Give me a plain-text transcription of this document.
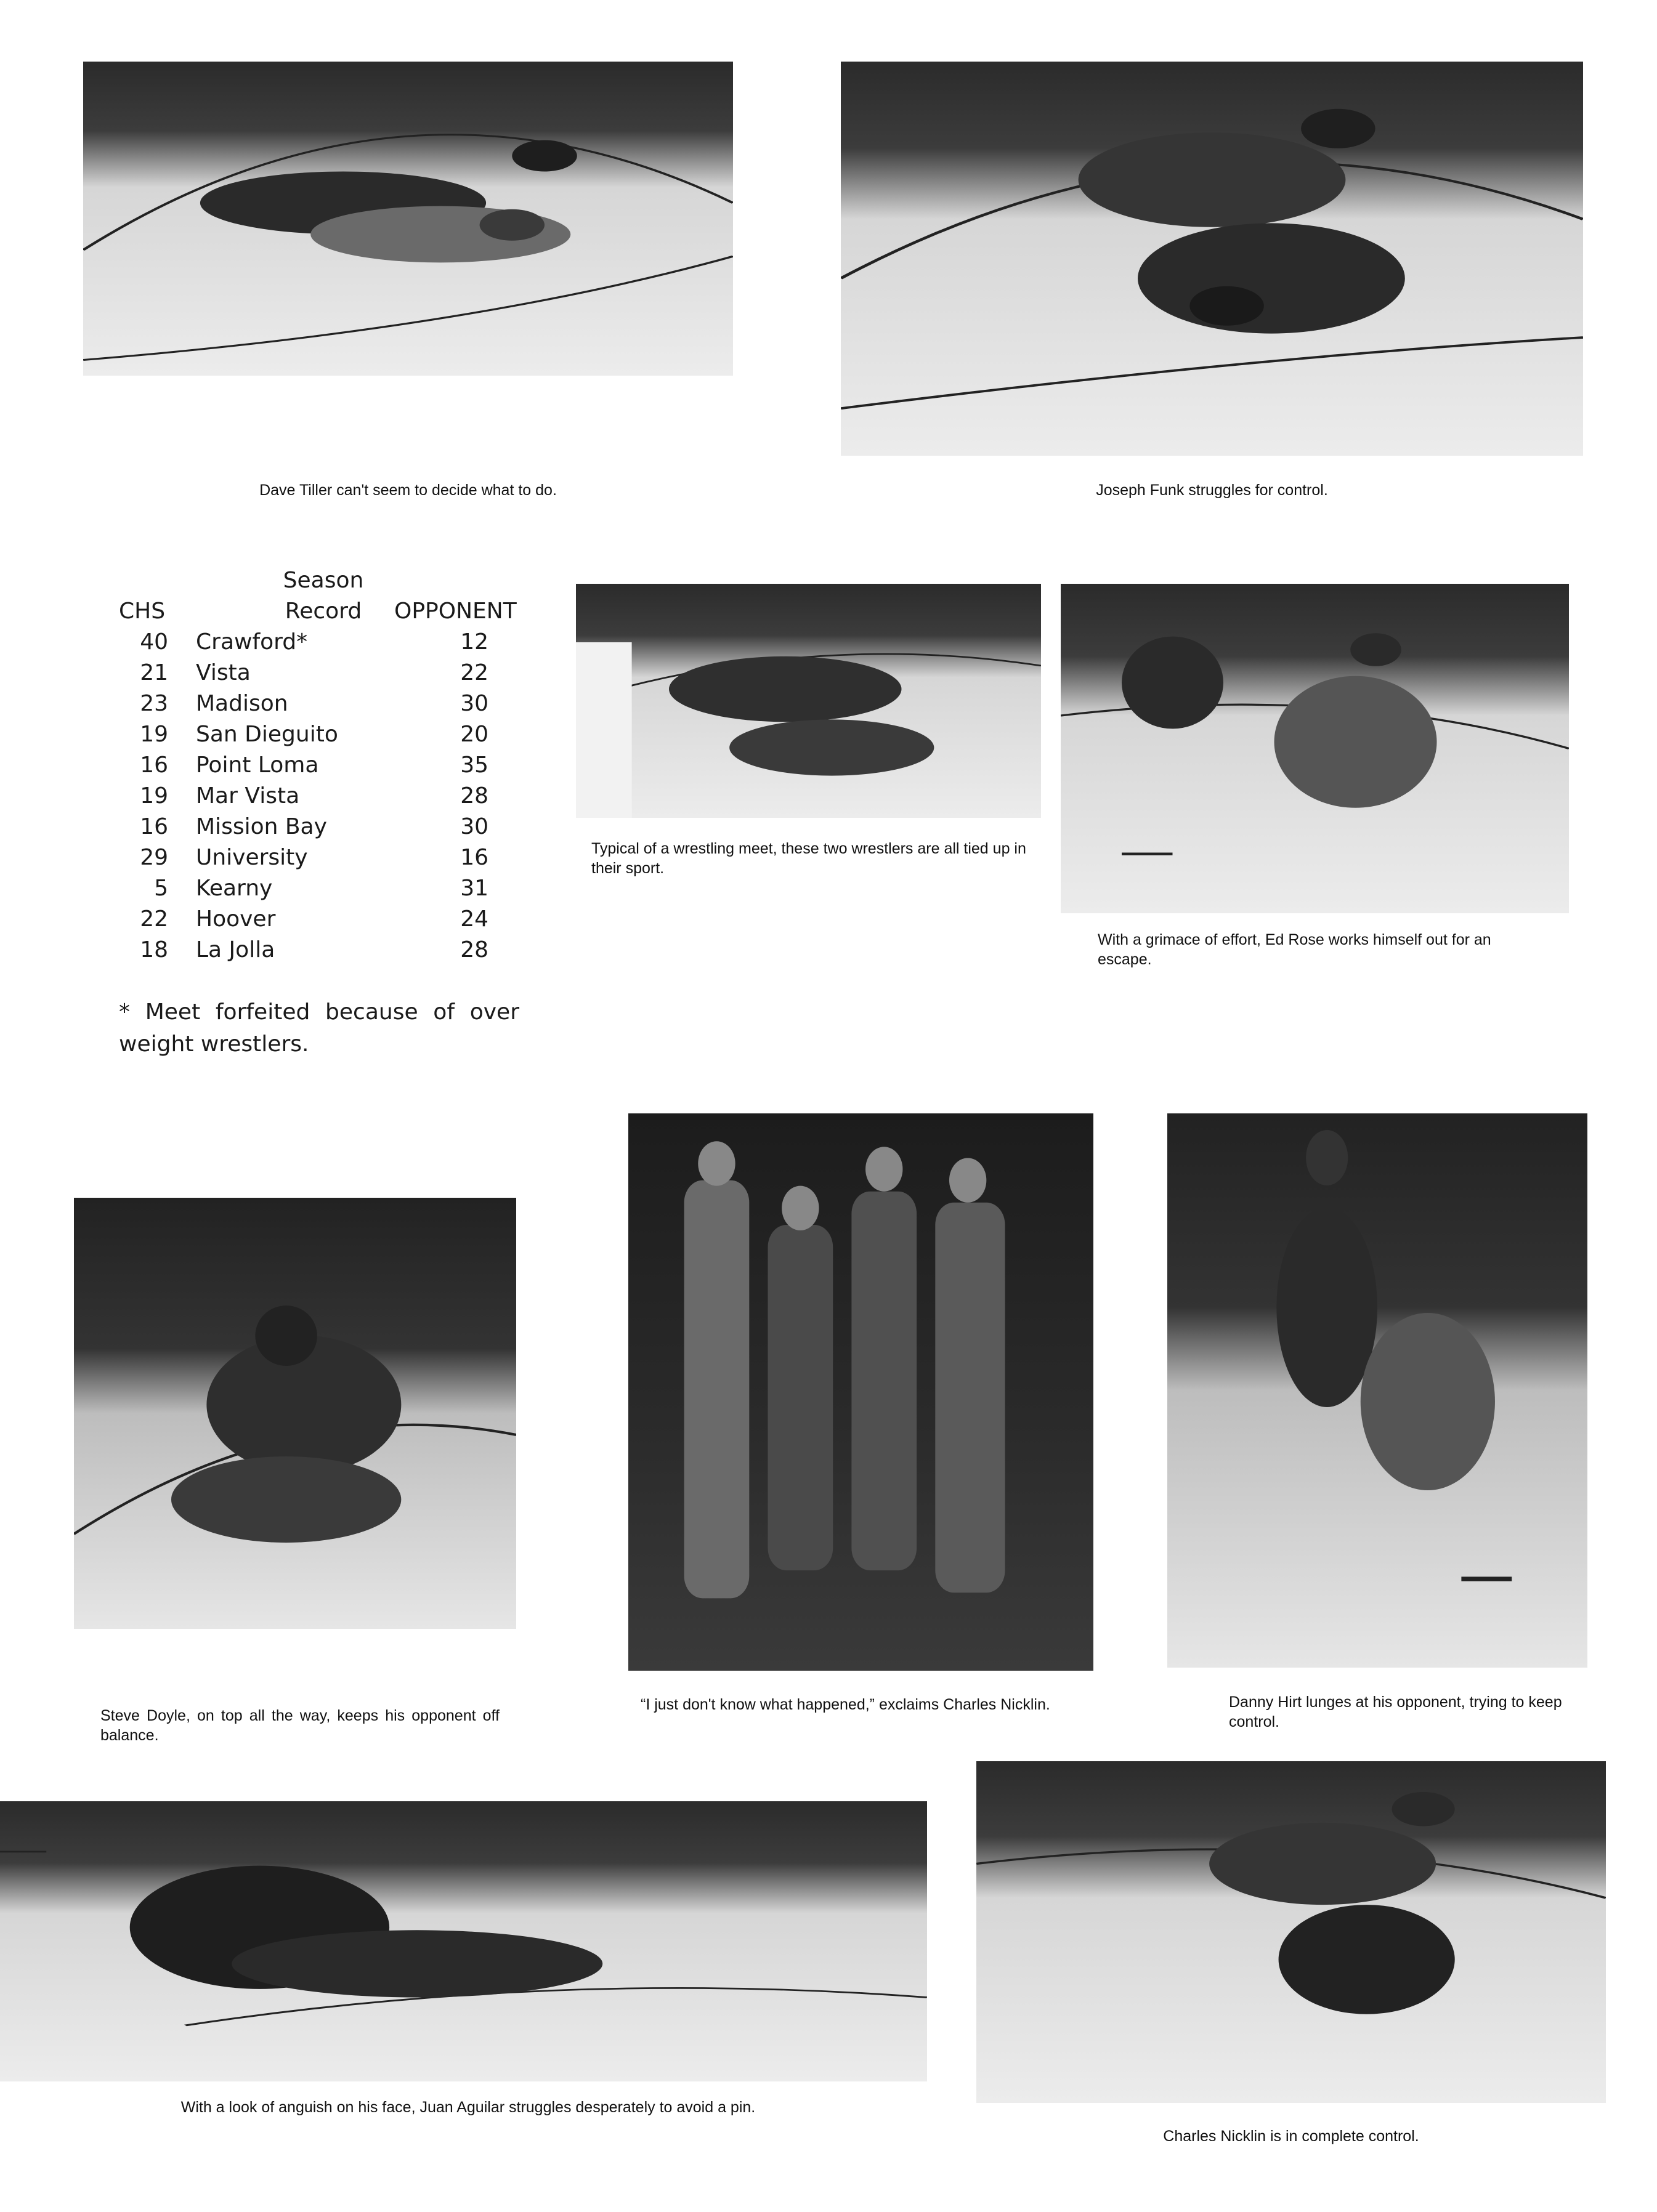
Dave Tiller can't seem to decide what to do.	Joseph Funk struggles for control.
Season Record
CHS	OPPONENT
40 Crawford*	12
21 Vista	22
23 Madison	30
19 San Dieguito	20
16 Point Loma	35
19 Mar Vista	28
16 Mission Bay	30
29 University	16
5 Kearny	31
22 Hoover	24
18 La Jolla	28
* Meet forfeited because of over weight wrestlers.
Typical of a wrestling meet, these two wrestlers are all tied up in their sport.
With a grimace of effort, Ed Rose works himself out for an escape.
Steve Doyle, on top all the way, keeps his opponent off balance.
“I just don't know what happened,” exclaims Charles Nicklin.	Danny Hirt lunges at his opponent, trying to keep control.
With a look of anguish on his face, Juan Aguilar struggles desperately to avoid a pin.
Charles Nicklin is in complete control.
